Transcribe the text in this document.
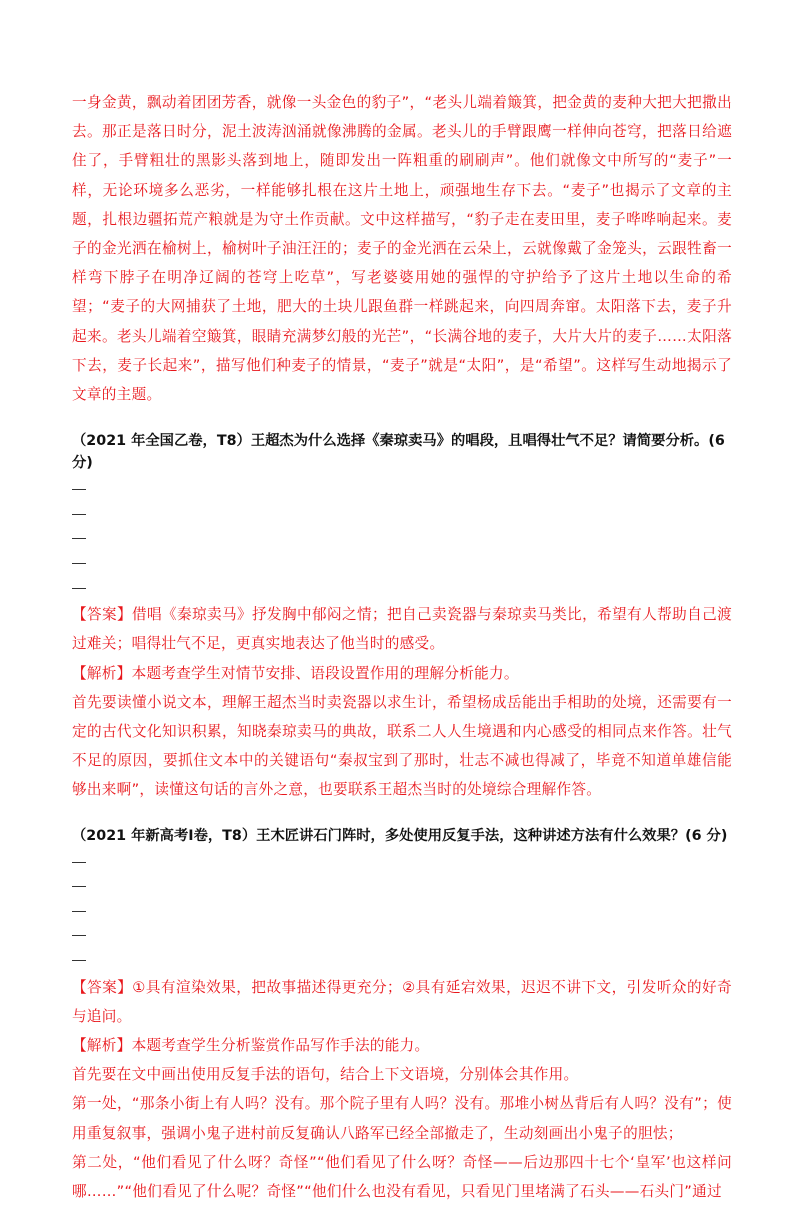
一身金黄，飘动着团团芳香，就像一头金色的豹子”，“老头儿端着簸箕，把金黄的麦种大把大把撒出去。那正是落日时分，泥土波涛汹涌就像沸腾的金属。老头儿的手臂跟鹰一样伸向苍穹，把落日给遮住了，手臂粗壮的黑影头落到地上，随即发出一阵粗重的刷刷声”。他们就像文中所写的“麦子”一样，无论环境多么恶劣，一样能够扎根在这片土地上，顽强地生存下去。“麦子”也揭示了文章的主题，扎根边疆拓荒产粮就是为守土作贡献。文中这样描写，“豹子走在麦田里，麦子哗哗响起来。麦子的金光洒在榆树上，榆树叶子油汪汪的；麦子的金光洒在云朵上，云就像戴了金笼头，云跟牲畜一样弯下脖子在明净辽阔的苍穹上吃草”，写老婆婆用她的强悍的守护给予了这片土地以生命的希望；“麦子的大网捕获了土地，肥大的土块儿跟鱼群一样跳起来，向四周奔窜。太阳落下去，麦子升起来。老头儿端着空簸箕，眼睛充满梦幻般的光芒”，“长满谷地的麦子，大片大片的麦子……太阳落下去，麦子长起来”，描写他们种麦子的情景，“麦子”就是“太阳”，是“希望”。这样写生动地揭示了文章的主题。

（2021 年全国乙卷，T8）王超杰为什么选择《秦琼卖马》的唱段，且唱得壮气不足？请简要分析。(6 分)

【答案】借唱《秦琼卖马》抒发胸中郁闷之情；把自己卖瓷器与秦琼卖马类比，希望有人帮助自己渡过难关；唱得壮气不足，更真实地表达了他当时的感受。

【解析】本题考查学生对情节安排、语段设置作用的理解分析能力。

首先要读懂小说文本，理解王超杰当时卖瓷器以求生计，希望杨成岳能出手相助的处境，还需要有一定的古代文化知识积累，知晓秦琼卖马的典故，联系二人人生境遇和内心感受的相同点来作答。壮气不足的原因，要抓住文本中的关键语句“秦叔宝到了那时，壮志不减也得减了，毕竟不知道单雄信能够出来啊”，读懂这句话的言外之意，也要联系王超杰当时的处境综合理解作答。

（2021 年新高考Ⅰ卷，T8）王木匠讲石门阵时，多处使用反复手法，这种讲述方法有什么效果？(6 分)

【答案】①具有渲染效果，把故事描述得更充分；②具有延宕效果，迟迟不讲下文，引发听众的好奇与追问。

【解析】本题考查学生分析鉴赏作品写作手法的能力。

首先要在文中画出使用反复手法的语句，结合上下文语境，分别体会其作用。

第一处，“那条小街上有人吗？没有。那个院子里有人吗？没有。那堆小树丛背后有人吗？没有”；使用重复叙事，强调小鬼子进村前反复确认八路军已经全部撤走了，生动刻画出小鬼子的胆怯；

第二处，“他们看见了什么呀？奇怪”“他们看见了什么呀？奇怪——后边那四十七个‘皇军’也这样问哪……”“他们看见了什么呢？奇怪”“他们什么也没有看见，只看见门里堵满了石头——石头门”通过
